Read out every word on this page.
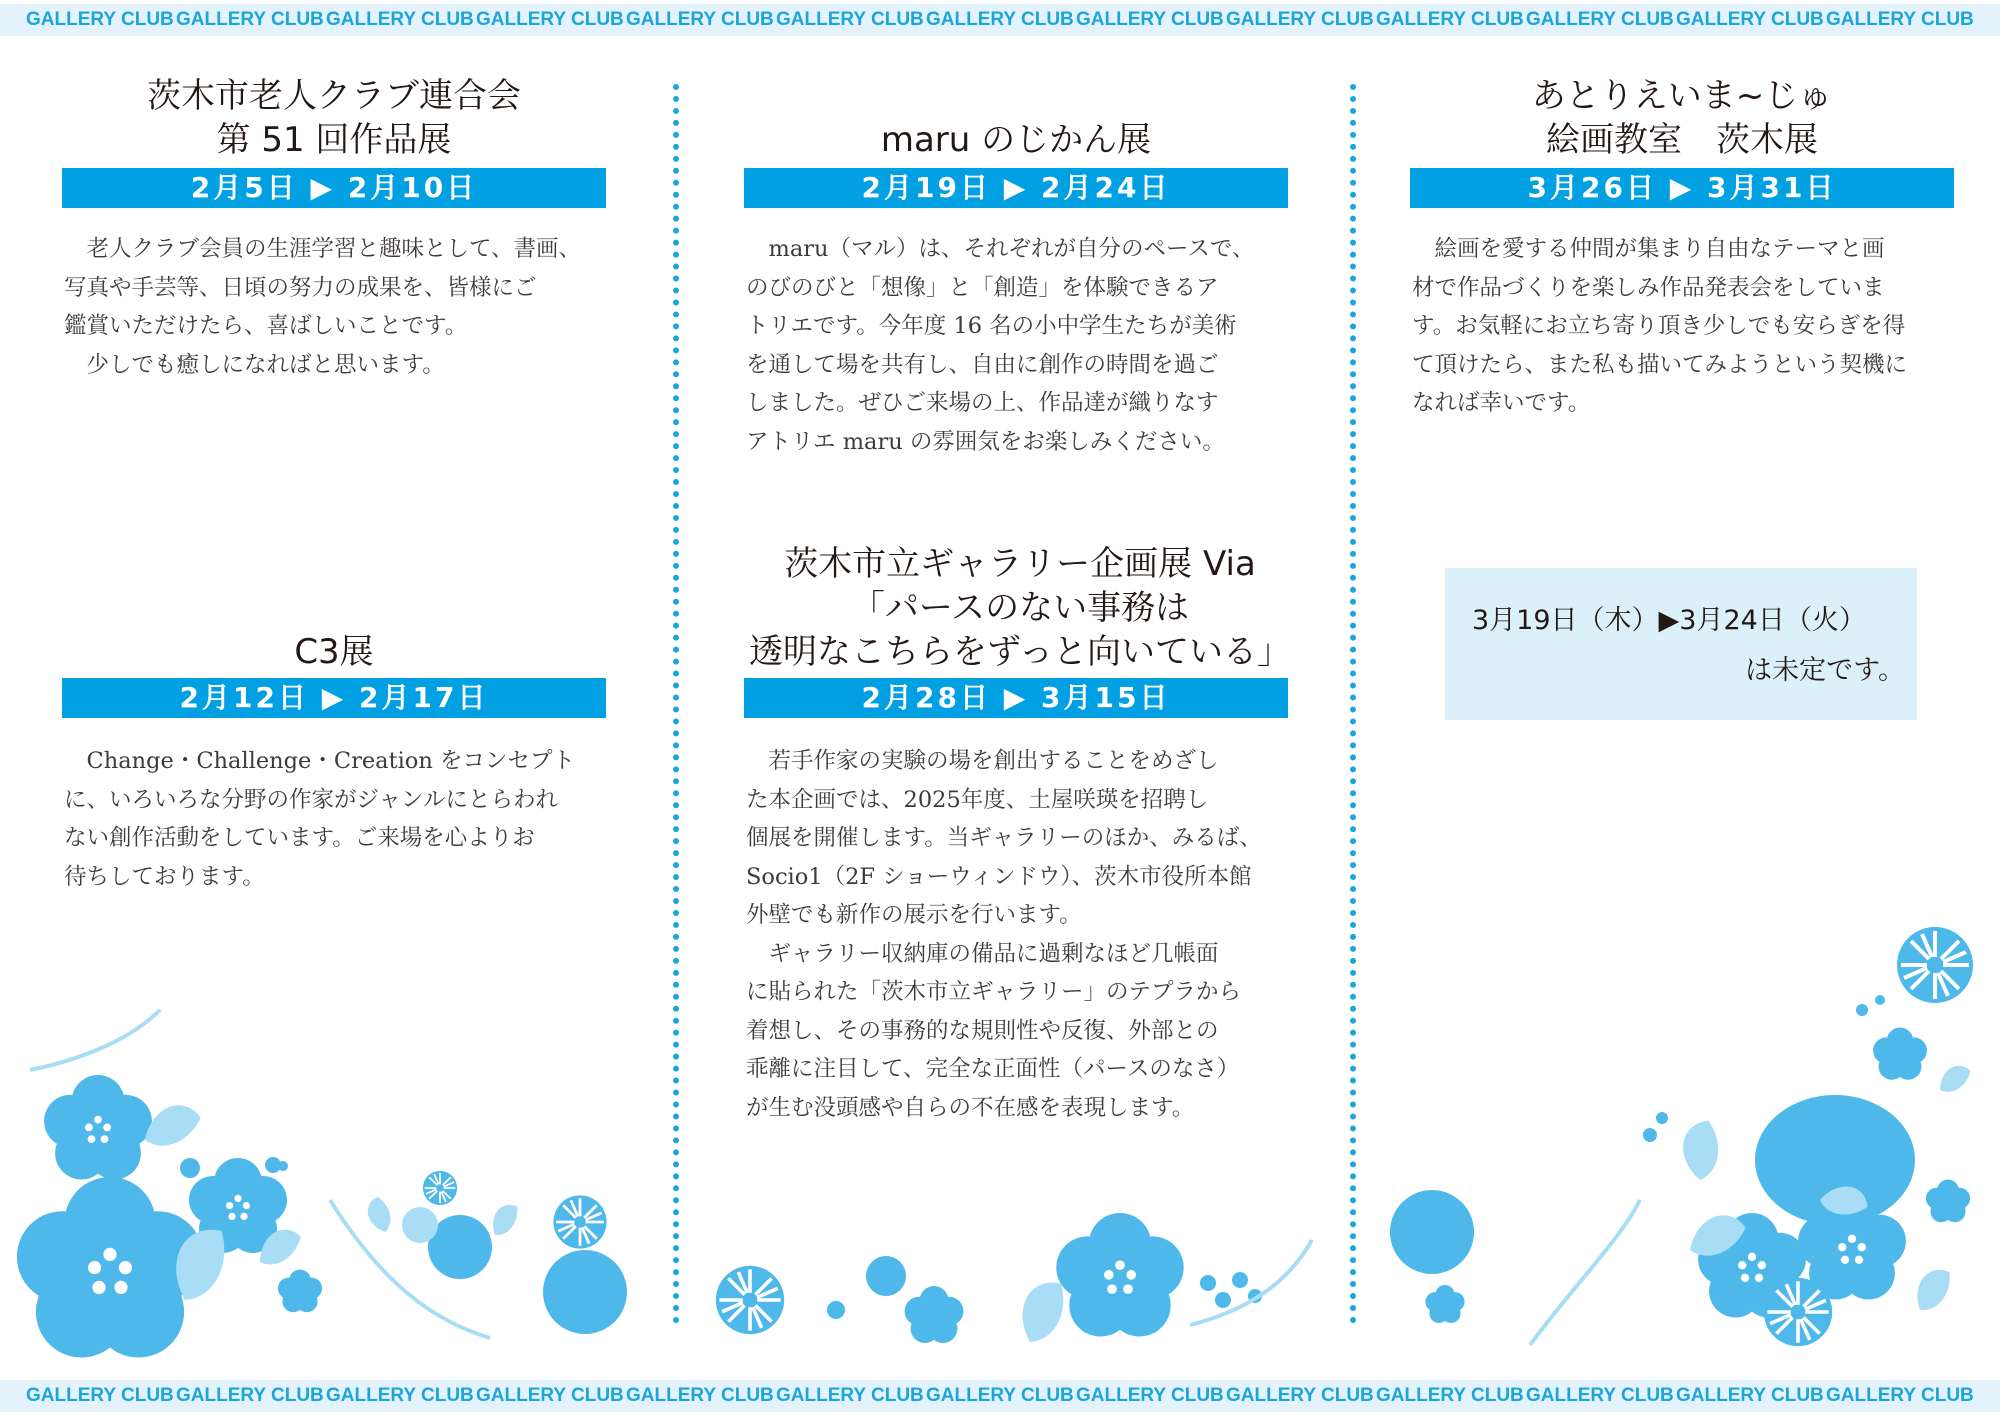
GALLERY CLUB GALLERY CLUB GALLERY CLUB GALLERY CLUB GALLERY CLUB GALLERY CLUB GALLERY CLUB GALLERY CLUB GALLERY CLUB GALLERY CLUB GALLERY CLUB GALLERY CLUB GALLERY CLUB
茨木市老人クラブ連合会
第 51 回作品展
2月5日 ▶ 2月10日
　老人クラブ会員の生涯学習と趣味として、書画、
写真や手芸等、日頃の努力の成果を、皆様にご
鑑賞いただけたら、喜ばしいことです。
　少しでも癒しになればと思います。
C3展
2月12日 ▶ 2月17日
　Change・Challenge・Creation をコンセプト
に、いろいろな分野の作家がジャンルにとらわれ
ない創作活動をしています。ご来場を心よりお
待ちしております。
maru のじかん展
2月19日 ▶ 2月24日
　maru（マル）は、それぞれが自分のペースで、
のびのびと「想像」と「創造」を体験できるア
トリエです。今年度 16 名の小中学生たちが美術
を通して場を共有し、自由に創作の時間を過ご
しました。ぜひご来場の上、作品達が織りなす
アトリエ maru の雰囲気をお楽しみください。
茨木市立ギャラリー企画展 Via
「パースのない事務は
透明なこちらをずっと向いている」
2月28日 ▶ 3月15日
　若手作家の実験の場を創出することをめざし
た本企画では、2025年度、土屋咲瑛を招聘し
個展を開催します。当ギャラリーのほか、みるば、
Socio1（2F ショーウィンドウ）、茨木市役所本館
外壁でも新作の展示を行います。
　ギャラリー収納庫の備品に過剰なほど几帳面
に貼られた「茨木市立ギャラリー」のテプラから
着想し、その事務的な規則性や反復、外部との
乖離に注目して、完全な正面性（パースのなさ）
が生む没頭感や自らの不在感を表現します。
あとりえいま~じゅ
絵画教室　茨木展
3月26日 ▶ 3月31日
　絵画を愛する仲間が集まり自由なテーマと画
材で作品づくりを楽しみ作品発表会をしていま
す。お気軽にお立ち寄り頂き少しでも安らぎを得
て頂けたら、また私も描いてみようという契機に
なれば幸いです。
3月19日（木）▶3月24日（火）
は未定です。
GALLERY CLUB GALLERY CLUB GALLERY CLUB GALLERY CLUB GALLERY CLUB GALLERY CLUB GALLERY CLUB GALLERY CLUB GALLERY CLUB GALLERY CLUB GALLERY CLUB GALLERY CLUB GALLERY CLUB
